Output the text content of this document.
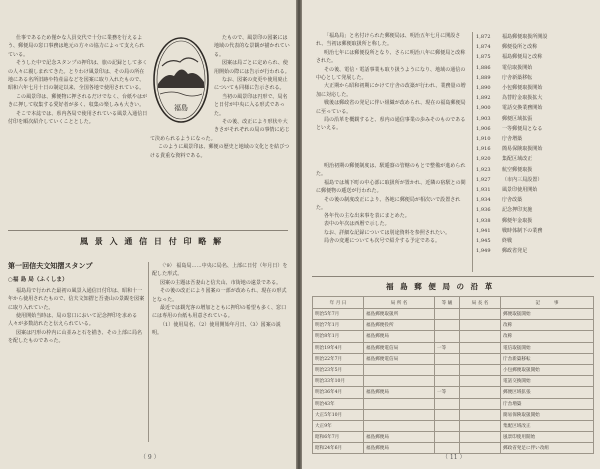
仕事であるため僅かな人員交代で十分に業務を行えるよう、郵便局の窓口事務は地元の方々の協力によって支えられている。

そうした中で記念スタンプの押印は、旅の記録として多くの人々に親しまれてきた。とりわけ風景印は、その局の所在地にある名所旧跡や特産品などを図案に取り入れたもので、昭和六年七月十日の制定以来、全国各地で使用されている。

この風景印は、郵便物に押されるだけでなく、台紙やはがきに押して収集する愛好者が多く、収集の楽しみも大きい。

そこで本誌では、県内各局で使用されている風景入通信日付印を順次紹介していくこととした。

たもので、風景印の図案には地域の代表的な景観が描かれている。

図案は局ごとに定められ、使用開始の際には告示が行われる。

なお、図案の変更や使用廃止についても同様に告示される。

当初の風景印は円形で、局名と日付が中央に入る形式であった。

その後、改正により形状や大きさがそれぞれの局の事情に応じて決められるようになった。

このように風景印は、郵便の歴史と地域の文化とを結びつける貴重な資料である。

福島
風 景 入 通 信 日 付 印 略 解
第一回信夫文知摺スタンプ
○福 島 局（ふくしま）

福島局で行われた最初の風景入通信日付印は、昭和十一年から使用されたもので、信夫文知摺と吾妻山の景観を図案に取り入れていた。

使用開始当時は、局の窓口において記念押印を求める人々が多数訪れたと伝えられている。

図案は円形の枠内に山並みと石を描き、その上部に局名を配したものであった。

〈'9〉 福島局……中央に局名、上部に日付（年月日）を配した形式。

図案の主題は吾妻山と信夫山、市街地の遠景である。

その後の改正により図案の一部が改められ、現在の形式となった。

最近では観光客の増加とともに押印の希望も多く、窓口には専用の台紙も用意されている。

（1）使用局名、（2）使用開始年月日、（3）図案の説明。

（ 9 ）

「福島局」と名付けられた郵便局は、明治五年七月に開設され、当初は郵便取扱所と称した。

明治七年には郵便役所となり、さらに明治八年に郵便局と改称された。

その後、電信・電話事業も取り扱うようになり、地域の通信の中心として発展した。

大正期から昭和初期にかけて庁舎の改築が行われ、業務量の増加に対応した。

戦後は郵政省の発足に伴い組織が改められ、現在の福島郵便局に至っている。

局の沿革を概観すると、県内の通信事業の歩みそのものであるといえる。

明治初期の郵便制度は、駅逓寮の管轄のもとで整備が進められた。

福島では城下町の中心部に取扱所が置かれ、近隣の宿駅との間に郵便物の逓送が行われた。

その後の制度改正により、各地に郵便局が相次いで設置された。

各年代の主な出来事を表にまとめた。

表中の年次は西暦で示した。

なお、詳細な記録については別途資料を参照されたい。

局舎の変遷についても次号で紹介する予定である。

1,872 福島郵便取扱所開設
1,874 郵便役所と改称
1,875 福島郵便局と改称
1,886 電信取扱開始
1,889 庁舎新築移転
1,890 小包郵便取扱開始
1,892 為替貯金取扱拡大
1,900 電話交換業務開始
1,903 郵便区域拡張
1,906 一等郵便局となる
1,910 庁舎増築
1,916 簡易保険取扱開始
1,920 集配区域改正
1,923 航空郵便取扱
1,927 （市内三局設置）
1,931 風景印使用開始
1,934 庁舎改築
1,936 記念押印実施
1,938 郵便年金取扱
1,941 戦時体制下の業務
1,945 終戦
1,949 郵政省発足
福 島 郵 便 局 の 沿 革
年 月 日	局 所 名	等 級	局 長 名	記　　　事
明治5年7月	福島郵便取扱所			郵便取扱開始
明治7年1月	福島郵便役所			改称
明治8年1月	福島郵便局			改称
明治19年4月	福島郵便電信局	一等		電信取扱開始
明治22年7月	福島郵便電信局			庁舎新築移転
明治23年5月				小包郵便取扱開始
明治33年10月				電話交換開始
明治36年4月	福島郵便局	一等		郵便区域拡張
明治43年				庁舎増築
大正5年10月				簡易保険取扱開始
大正9年				集配区域改正
昭和6年7月	福島郵便局			風景印使用開始
昭和24年6月	福島郵便局			郵政省発足に伴い改組
（ 11 ）
